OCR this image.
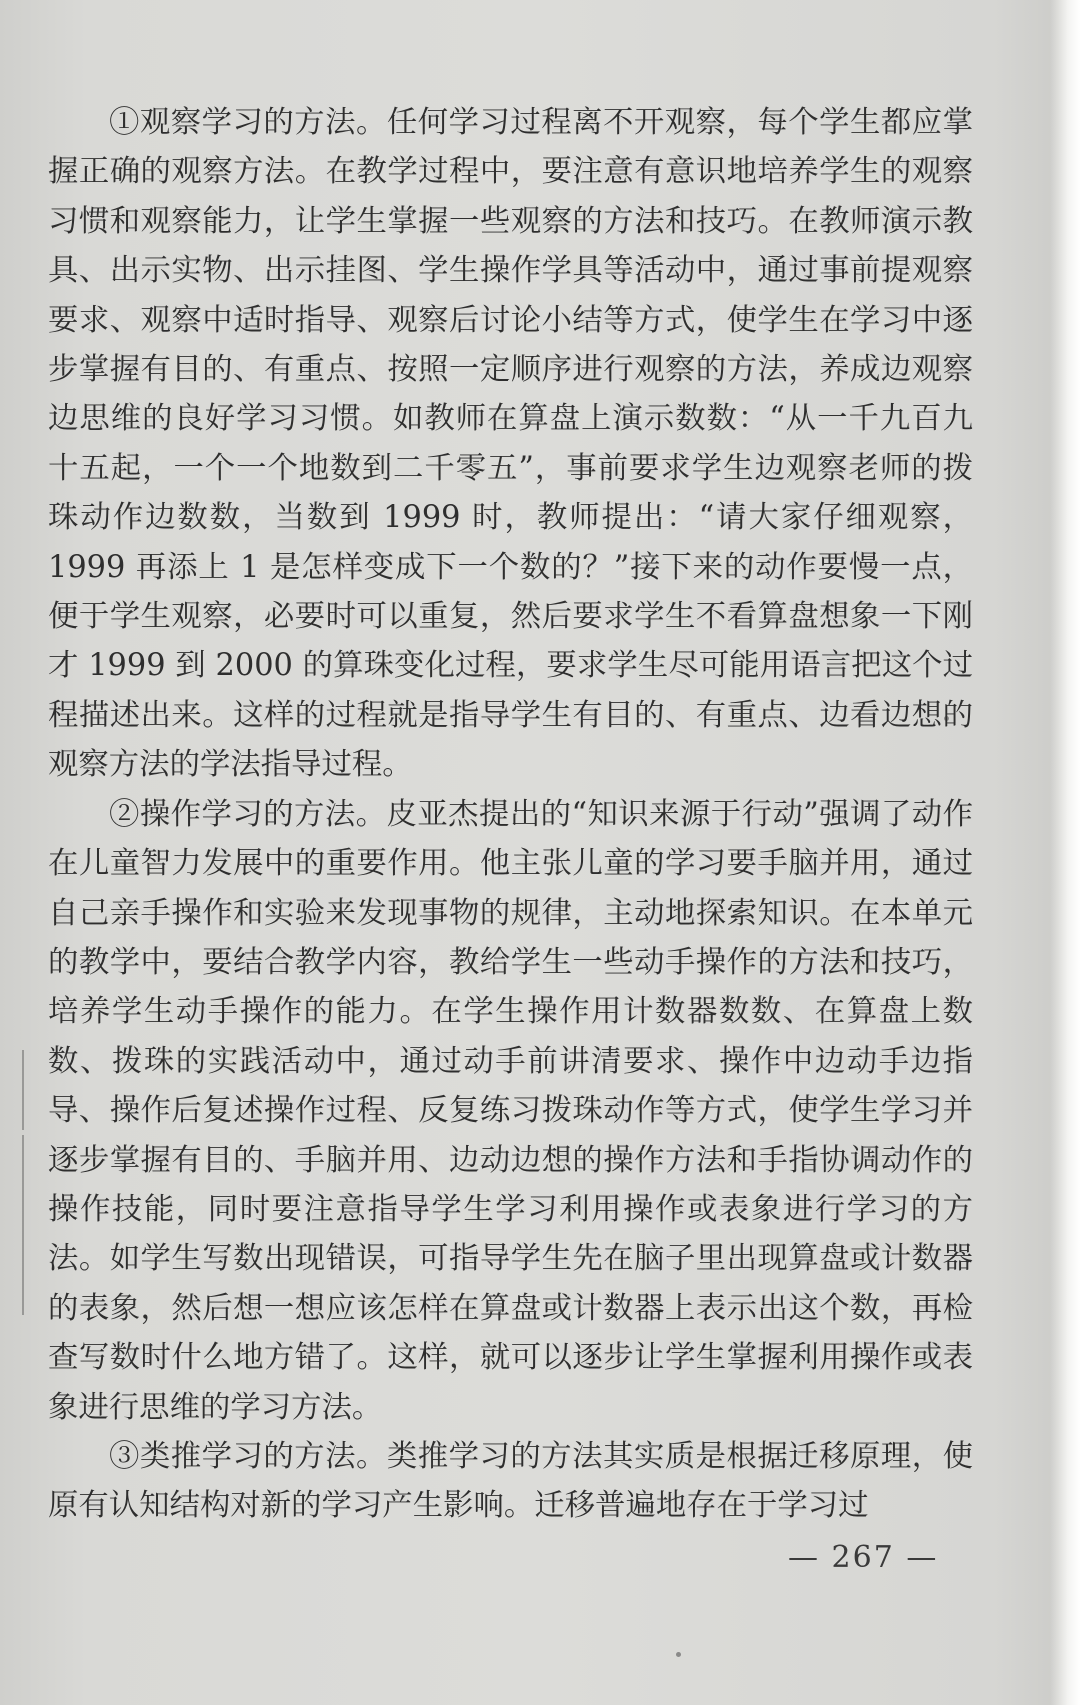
①观察学习的方法。任何学习过程离不开观察，每个学生都应掌握正确的观察方法。在教学过程中，要注意有意识地培养学生的观察习惯和观察能力，让学生掌握一些观察的方法和技巧。在教师演示教具、出示实物、出示挂图、学生操作学具等活动中，通过事前提观察要求、观察中适时指导、观察后讨论小结等方式，使学生在学习中逐步掌握有目的、有重点、按照一定顺序进行观察的方法，养成边观察边思维的良好学习习惯。如教师在算盘上演示数数：“从一千九百九十五起，一个一个地数到二千零五”，事前要求学生边观察老师的拨珠动作边数数，当数到 1999 时，教师提出：“请大家仔细观察，1999 再添上 1 是怎样变成下一个数的？”接下来的动作要慢一点，便于学生观察，必要时可以重复，然后要求学生不看算盘想象一下刚才 1999 到 2000 的算珠变化过程，要求学生尽可能用语言把这个过程描述出来。这样的过程就是指导学生有目的、有重点、边看边想的观察方法的学法指导过程。

②操作学习的方法。皮亚杰提出的“知识来源于行动”强调了动作在儿童智力发展中的重要作用。他主张儿童的学习要手脑并用，通过自己亲手操作和实验来发现事物的规律，主动地探索知识。在本单元的教学中，要结合教学内容，教给学生一些动手操作的方法和技巧，培养学生动手操作的能力。在学生操作用计数器数数、在算盘上数数、拨珠的实践活动中，通过动手前讲清要求、操作中边动手边指导、操作后复述操作过程、反复练习拨珠动作等方式，使学生学习并逐步掌握有目的、手脑并用、边动边想的操作方法和手指协调动作的操作技能，同时要注意指导学生学习利用操作或表象进行学习的方法。如学生写数出现错误，可指导学生先在脑子里出现算盘或计数器的表象，然后想一想应该怎样在算盘或计数器上表示出这个数，再检查写数时什么地方错了。这样，就可以逐步让学生掌握利用操作或表象进行思维的学习方法。

③类推学习的方法。类推学习的方法其实质是根据迁移原理，使原有认知结构对新的学习产生影响。迁移普遍地存在于学习过

— 267 —
